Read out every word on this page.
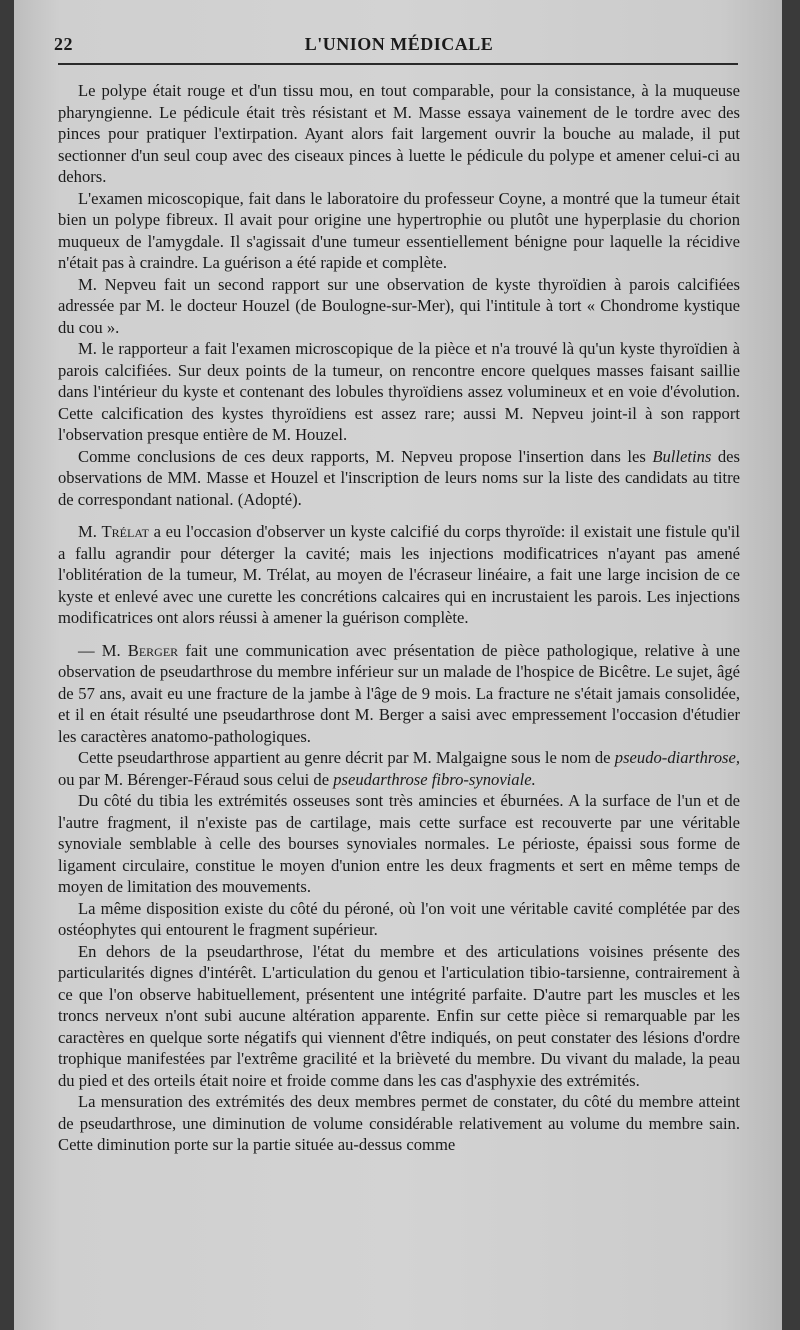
22	L'UNION MÉDICALE

Le polype était rouge et d'un tissu mou, en tout comparable, pour la consistance, à la muqueuse pharyngienne. Le pédicule était très résistant et M. Masse essaya vainement de le tordre avec des pinces pour pratiquer l'extirpation. Ayant alors fait largement ouvrir la bouche au malade, il put sectionner d'un seul coup avec des ciseaux pinces à luette le pédicule du polype et amener celui-ci au dehors.

L'examen micoscopique, fait dans le laboratoire du professeur Coyne, a montré que la tumeur était bien un polype fibreux. Il avait pour origine une hypertrophie ou plutôt une hyperplasie du chorion muqueux de l'amygdale. Il s'agissait d'une tumeur essentiellement bénigne pour laquelle la récidive n'était pas à craindre. La guérison a été rapide et complète.

M. Nepveu fait un second rapport sur une observation de kyste thyroïdien à parois calcifiées adressée par M. le docteur Houzel (de Boulogne-sur-Mer), qui l'intitule à tort « Chondrome kystique du cou ».

M. le rapporteur a fait l'examen microscopique de la pièce et n'a trouvé là qu'un kyste thyroïdien à parois calcifiées. Sur deux points de la tumeur, on rencontre encore quelques masses faisant saillie dans l'intérieur du kyste et contenant des lobules thyroïdiens assez volumineux et en voie d'évolution. Cette calcification des kystes thyroïdiens est assez rare; aussi M. Nepveu joint-il à son rapport l'observation presque entière de M. Houzel.

Comme conclusions de ces deux rapports, M. Nepveu propose l'insertion dans les Bulletins des observations de MM. Masse et Houzel et l'inscription de leurs noms sur la liste des candidats au titre de correspondant national. (Adopté).

M. Trélat a eu l'occasion d'observer un kyste calcifié du corps thyroïde: il existait une fistule qu'il a fallu agrandir pour déterger la cavité; mais les injections modificatrices n'ayant pas amené l'oblitération de la tumeur, M. Trélat, au moyen de l'écraseur linéaire, a fait une large incision de ce kyste et enlevé avec une curette les concrétions calcaires qui en incrustaient les parois. Les injections modificatrices ont alors réussi à amener la guérison complète.

— M. Berger fait une communication avec présentation de pièce pathologique, relative à une observation de pseudarthrose du membre inférieur sur un malade de l'hospice de Bicêtre. Le sujet, âgé de 57 ans, avait eu une fracture de la jambe à l'âge de 9 mois. La fracture ne s'était jamais consolidée, et il en était résulté une pseudarthrose dont M. Berger a saisi avec empressement l'occasion d'étudier les caractères anatomo-pathologiques.

Cette pseudarthrose appartient au genre décrit par M. Malgaigne sous le nom de pseudo-diarthrose, ou par M. Bérenger-Féraud sous celui de pseudarthrose fibro-synoviale.

Du côté du tibia les extrémités osseuses sont très amincies et éburnées. A la surface de l'un et de l'autre fragment, il n'existe pas de cartilage, mais cette surface est recouverte par une véritable synoviale semblable à celle des bourses synoviales normales. Le périoste, épaissi sous forme de ligament circulaire, constitue le moyen d'union entre les deux fragments et sert en même temps de moyen de limitation des mouvements.

La même disposition existe du côté du péroné, où l'on voit une véritable cavité complétée par des ostéophytes qui entourent le fragment supérieur.

En dehors de la pseudarthrose, l'état du membre et des articulations voisines présente des particularités dignes d'intérêt. L'articulation du genou et l'articulation tibio-tarsienne, contrairement à ce que l'on observe habituellement, présentent une intégrité parfaite. D'autre part les muscles et les troncs nerveux n'ont subi aucune altération apparente. Enfin sur cette pièce si remarquable par les caractères en quelque sorte négatifs qui viennent d'être indiqués, on peut constater des lésions d'ordre trophique manifestées par l'extrême gracilité et la brièveté du membre. Du vivant du malade, la peau du pied et des orteils était noire et froide comme dans les cas d'asphyxie des extrémités.

La mensuration des extrémités des deux membres permet de constater, du côté du membre atteint de pseudarthrose, une diminution de volume considérable relativement au volume du membre sain. Cette diminution porte sur la partie située au-dessus comme
